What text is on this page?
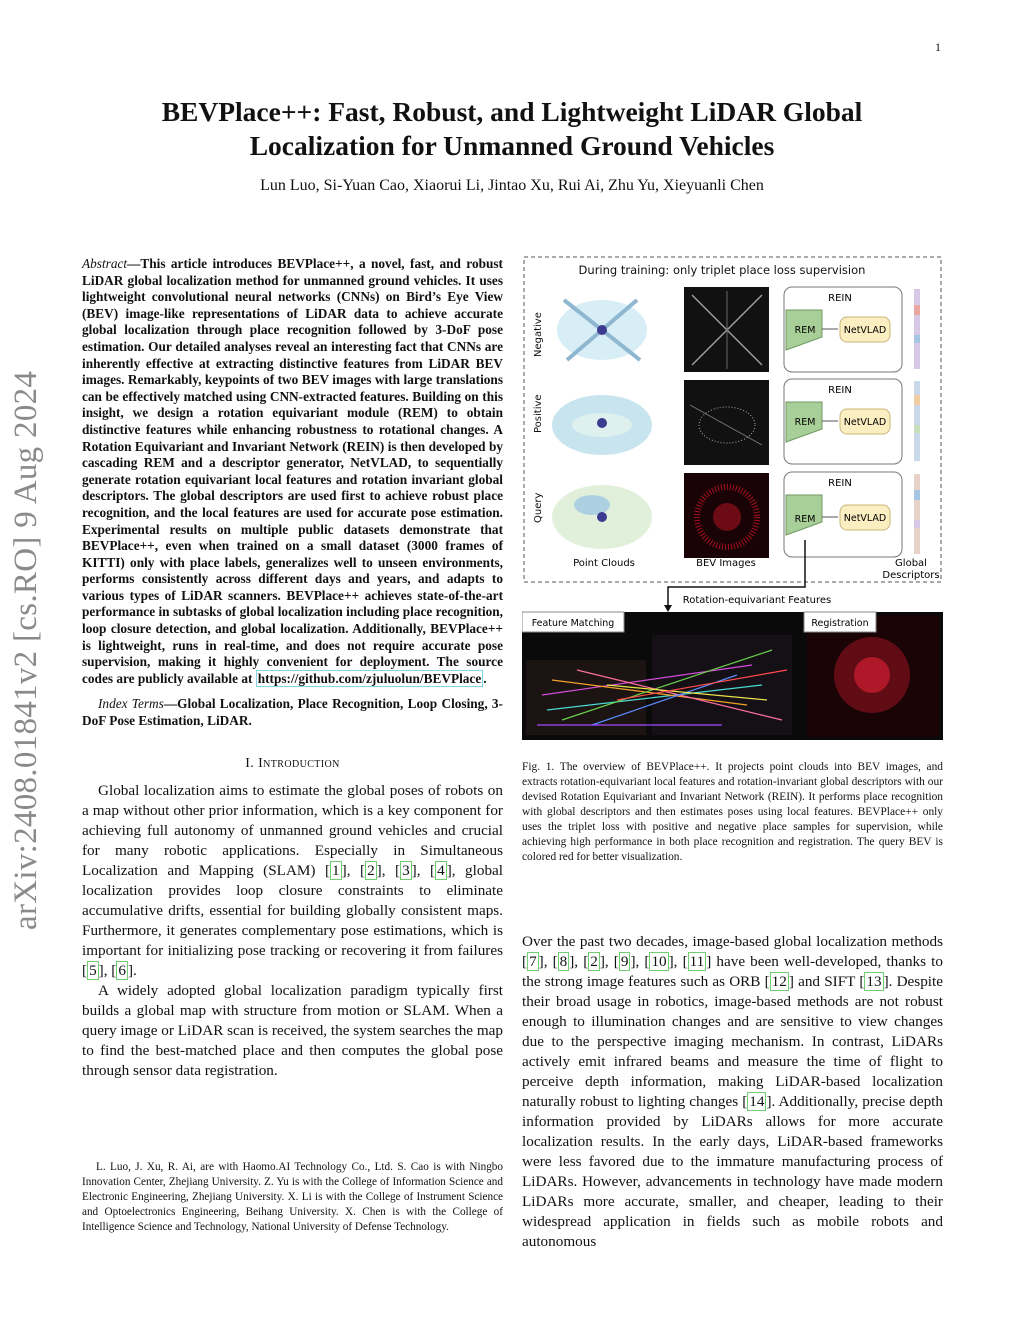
1
arXiv:2408.01841v2 [cs.RO] 9 Aug 2024
BEVPlace++: Fast, Robust, and Lightweight LiDAR Global
Localization for Unmanned Ground Vehicles
Lun Luo, Si-Yuan Cao, Xiaorui Li, Jintao Xu, Rui Ai, Zhu Yu, Xieyuanli Chen
Abstract—This article introduces BEVPlace++, a novel, fast, and robust LiDAR global localization method for unmanned ground vehicles. It uses lightweight convolutional neural networks (CNNs) on Bird’s Eye View (BEV) image-like representations of LiDAR data to achieve accurate global localization through place recognition followed by 3-DoF pose estimation. Our detailed analyses reveal an interesting fact that CNNs are inherently effective at extracting distinctive features from LiDAR BEV images. Remarkably, keypoints of two BEV images with large translations can be effectively matched using CNN-extracted features. Building on this insight, we design a rotation equivariant module (REM) to obtain distinctive features while enhancing robustness to rotational changes. A Rotation Equivariant and Invariant Network (REIN) is then developed by cascading REM and a descriptor generator, NetVLAD, to sequentially generate rotation equivariant local features and rotation invariant global descriptors. The global descriptors are used first to achieve robust place recognition, and the local features are used for accurate pose estimation. Experimental results on multiple public datasets demonstrate that BEVPlace++, even when trained on a small dataset (3000 frames of KITTI) only with place labels, generalizes well to unseen environments, performs consistently across different days and years, and adapts to various types of LiDAR scanners. BEVPlace++ achieves state-of-the-art performance in subtasks of global localization including place recognition, loop closure detection, and global localization. Additionally, BEVPlace++ is lightweight, runs in real-time, and does not require accurate pose supervision, making it highly convenient for deployment. The source codes are publicly available at https://github.com/zjuluolun/BEVPlace .
Index Terms—Global Localization, Place Recognition, Loop Closing, 3-DoF Pose Estimation, LiDAR.
I. Introduction

Global localization aims to estimate the global poses of robots on a map without other prior information, which is a key component for achieving full autonomy of unmanned ground vehicles and crucial for many robotic applications. Especially in Simultaneous Localization and Mapping (SLAM) [ 1 ], [ 2 ], [ 3 ], [ 4 ], global localization provides loop closure constraints to eliminate accumulative drifts, essential for building globally consistent maps. Furthermore, it generates complementary pose estimations, which is important for initializing pose tracking or recovering it from failures [ 5 ], [ 6 ].

A widely adopted global localization paradigm typically first builds a global map with structure from motion or SLAM. When a query image or LiDAR scan is received, the system searches the map to find the best-matched place and then computes the global pose through sensor data registration.

L. Luo, J. Xu, R. Ai, are with Haomo.AI Technology Co., Ltd. S. Cao is with Ningbo Innovation Center, Zhejiang University. Z. Yu is with the College of Information Science and Electronic Engineering, Zhejiang University. X. Li is with the College of Instrument Science and Optoelectronics Engineering, Beihang University. X. Chen is with the College of Intelligence Science and Technology, National University of Defense Technology.
During training: only triplet place loss supervision
Negative
Positive
Query
REIN
REM	NetVLAD
REIN
REM	NetVLAD
REIN
REM	NetVLAD
Point Clouds	BEV Images	Global
Descriptors
Rotation-equivariant Features
Feature Matching	Registration
Fig. 1. The overview of BEVPlace++. It projects point clouds into BEV images, and extracts rotation-equivariant local features and rotation-invariant global descriptors with our devised Rotation Equivariant and Invariant Network (REIN). It performs place recognition with global descriptors and then estimates poses using local features. BEVPlace++ only uses the triplet loss with positive and negative place samples for supervision, while achieving high performance in both place recognition and registration. The query BEV is colored red for better visualization.

Over the past two decades, image-based global localization methods [ 7 ], [ 8 ], [ 2 ], [ 9 ], [ 10 ], [ 11 ] have been well-developed, thanks to the strong image features such as ORB [ 12 ] and SIFT [ 13 ]. Despite their broad usage in robotics, image-based methods are not robust enough to illumination changes and are sensitive to view changes due to the perspective imaging mechanism. In contrast, LiDARs actively emit infrared beams and measure the time of flight to perceive depth information, making LiDAR-based localization naturally robust to lighting changes [ 14 ]. Additionally, precise depth information provided by LiDARs allows for more accurate localization results. In the early days, LiDAR-based frameworks were less favored due to the immature manufacturing process of LiDARs. However, advancements in technology have made modern LiDARs more accurate, smaller, and cheaper, leading to their widespread application in fields such as mobile robots and autonomous
